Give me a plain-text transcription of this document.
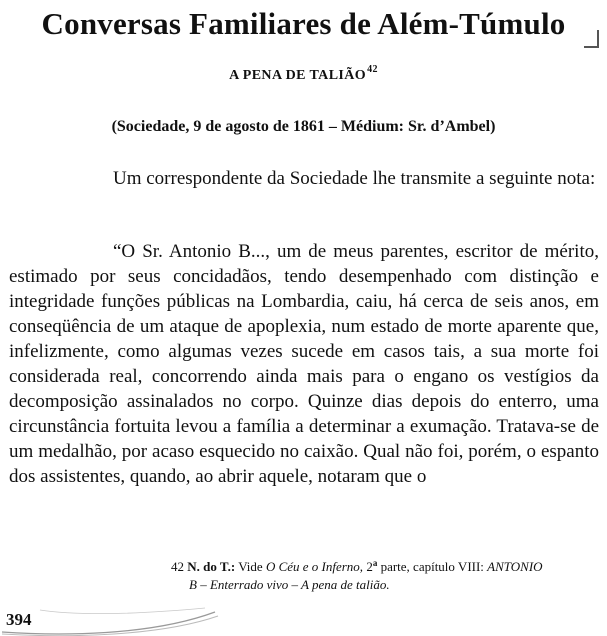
Conversas Familiares de Além-Túmulo
A PENA DE TALIÃO$^{42}$
(Sociedade, 9 de agosto de 1861 – Médium: Sr. d’Ambel)

Um correspondente da Sociedade lhe transmite a seguinte nota:

“O Sr. Antonio B..., um de meus parentes, escritor de mérito, estimado por seus concidadãos, tendo desempenhado com distinção e integridade funções públicas na Lombardia, caiu, há cerca de seis anos, em conseqüência de um ataque de apoplexia, num estado de morte aparente que, infelizmente, como algumas vezes sucede em casos tais, a sua morte foi considerada real, concorrendo ainda mais para o engano os vestígios da decomposição assinalados no corpo. Quinze dias depois do enterro, uma circunstância fortuita levou a família a determinar a exumação. Tratava-se de um medalhão, por acaso esquecido no caixão. Qual não foi, porém, o espanto dos assistentes, quando, ao abrir aquele, notaram que o

42 N. do T.: Vide O Céu e o Inferno, 2$^a$ parte, capítulo VIII: ANTONIO
B – Enterrado vivo – A pena de talião.
394
